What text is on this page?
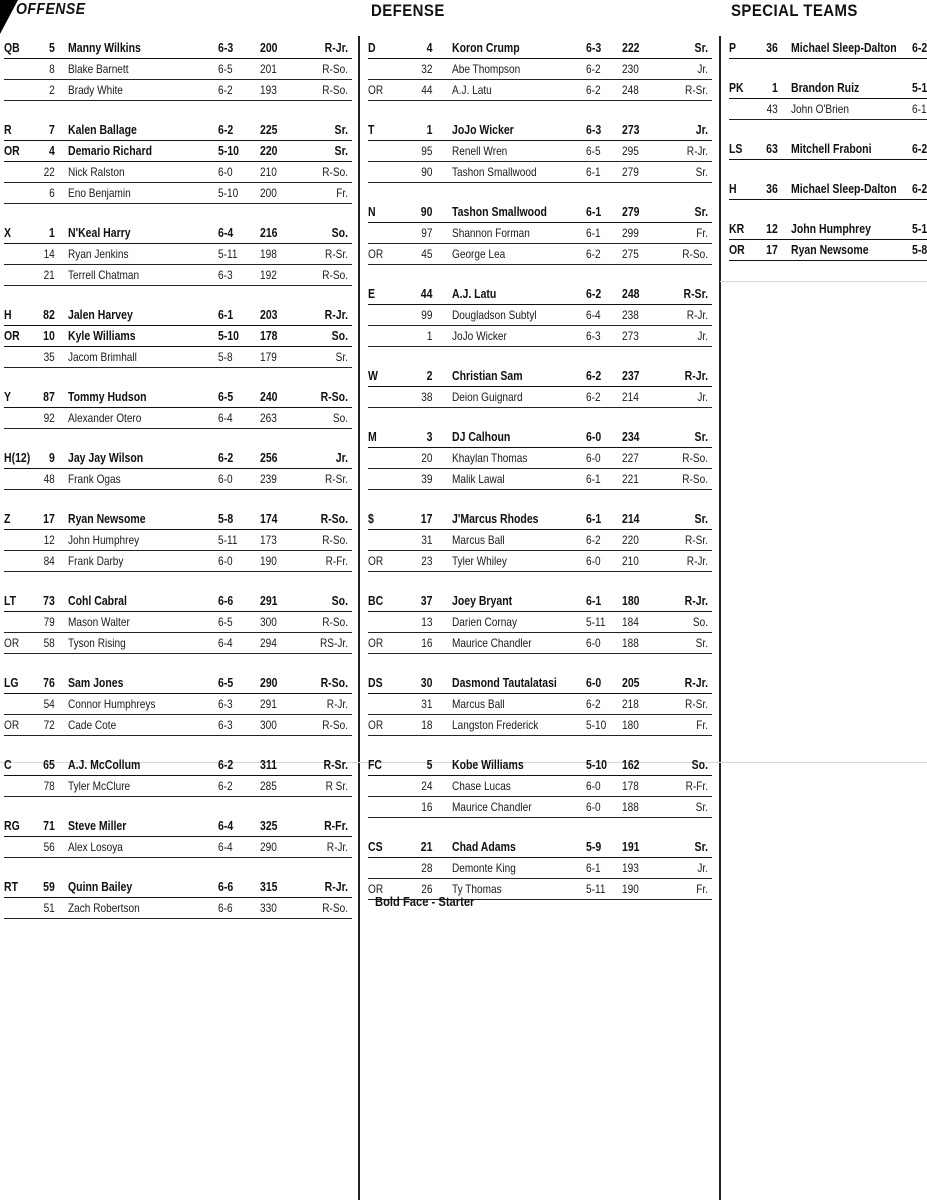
OFFENSE	DEFENSE	SPECIAL TEAMS
QB	5 Manny Wilkins	6-3 200	R-Jr.
8 Blake Barnett	6-5 201	R-So.
2 Brady White	6-2 193	R-So.
R	7 Kalen Ballage	6-2 225	Sr.
OR	4 Demario Richard	5-10 220	Sr.
22 Nick Ralston	6-0 210	R-So.
6 Eno Benjamin	5-10 200	Fr.
X	1 N'Keal Harry	6-4 216	So.
14 Ryan Jenkins	5-11 198	R-Sr.
21 Terrell Chatman	6-3 192	R-So.
H	82 Jalen Harvey	6-1 203	R-Jr.
OR	10 Kyle Williams	5-10 178	So.
35 Jacom Brimhall	5-8 179	Sr.
Y	87 Tommy Hudson	6-5 240	R-So.
92 Alexander Otero	6-4 263	So.
H(12)	9 Jay Jay Wilson	6-2 256	Jr.
48 Frank Ogas	6-0 239	R-Sr.
Z	17 Ryan Newsome	5-8 174	R-So.
12 John Humphrey	5-11 173	R-So.
84 Frank Darby	6-0 190	R-Fr.
LT	73 Cohl Cabral	6-6 291	So.
79 Mason Walter	6-5 300	R-So.
OR	58 Tyson Rising	6-4 294	RS-Jr.
LG	76 Sam Jones	6-5 290	R-So.
54 Connor Humphreys	6-3 291	R-Jr.
OR	72 Cade Cote	6-3 300	R-So.
C	65 A.J. McCollum	6-2 311	R-Sr.
78 Tyler McClure	6-2 285	R Sr.
RG	71 Steve Miller	6-4 325	R-Fr.
56 Alex Losoya	6-4 290	R-Jr.
RT	59 Quinn Bailey	6-6 315	R-Jr.
51 Zach Robertson	6-6 330	R-So.
D	4 Koron Crump	6-3 222	Sr.
32 Abe Thompson	6-2 230	Jr.
OR	44 A.J. Latu	6-2 248	R-Sr.
T	1 JoJo Wicker	6-3 273	Jr.
95 Renell Wren	6-5 295	R-Jr.
90 Tashon Smallwood	6-1 279	Sr.
N	90 Tashon Smallwood	6-1 279	Sr.
97 Shannon Forman	6-1 299	Fr.
OR	45 George Lea	6-2 275	R-So.
E	44 A.J. Latu	6-2 248	R-Sr.
99 Dougladson Subtyl	6-4 238	R-Jr.
1 JoJo Wicker	6-3 273	Jr.
W	2 Christian Sam	6-2 237	R-Jr.
38 Deion Guignard	6-2 214	Jr.
M	3 DJ Calhoun	6-0 234	Sr.
20 Khaylan Thomas	6-0 227	R-So.
39 Malik Lawal	6-1 221	R-So.
$	17 J'Marcus Rhodes	6-1 214	Sr.
31 Marcus Ball	6-2 220	R-Sr.
OR	23 Tyler Whiley	6-0 210	R-Jr.
BC	37 Joey Bryant	6-1 180	R-Jr.
13 Darien Cornay	5-11 184	So.
OR	16 Maurice Chandler	6-0 188	Sr.
DS	30 Dasmond Tautalatasi 6-0 205	R-Jr.
31 Marcus Ball	6-2 218	R-Sr.
OR	18 Langston Frederick	5-10 180	Fr.
FC	5 Kobe Williams	5-10 162	So.
24 Chase Lucas	6-0 178	R-Fr.
16 Maurice Chandler	6-0 188	Sr.
CS	21 Chad Adams	5-9 191	Sr.
28 Demonte King	6-1 193	Jr.
OR	26 Ty Thomas	5-11 190	Fr.
P	36 Michael Sleep-Dalton 6-2
PK	1 Brandon Ruiz	5-1
43 John O'Brien	6-1
LS	63 Mitchell Fraboni	6-2
H	36 Michael Sleep-Dalton 6-2
KR	12 John Humphrey	5-1
OR	17 Ryan Newsome	5-8

Bold Face - Starter
